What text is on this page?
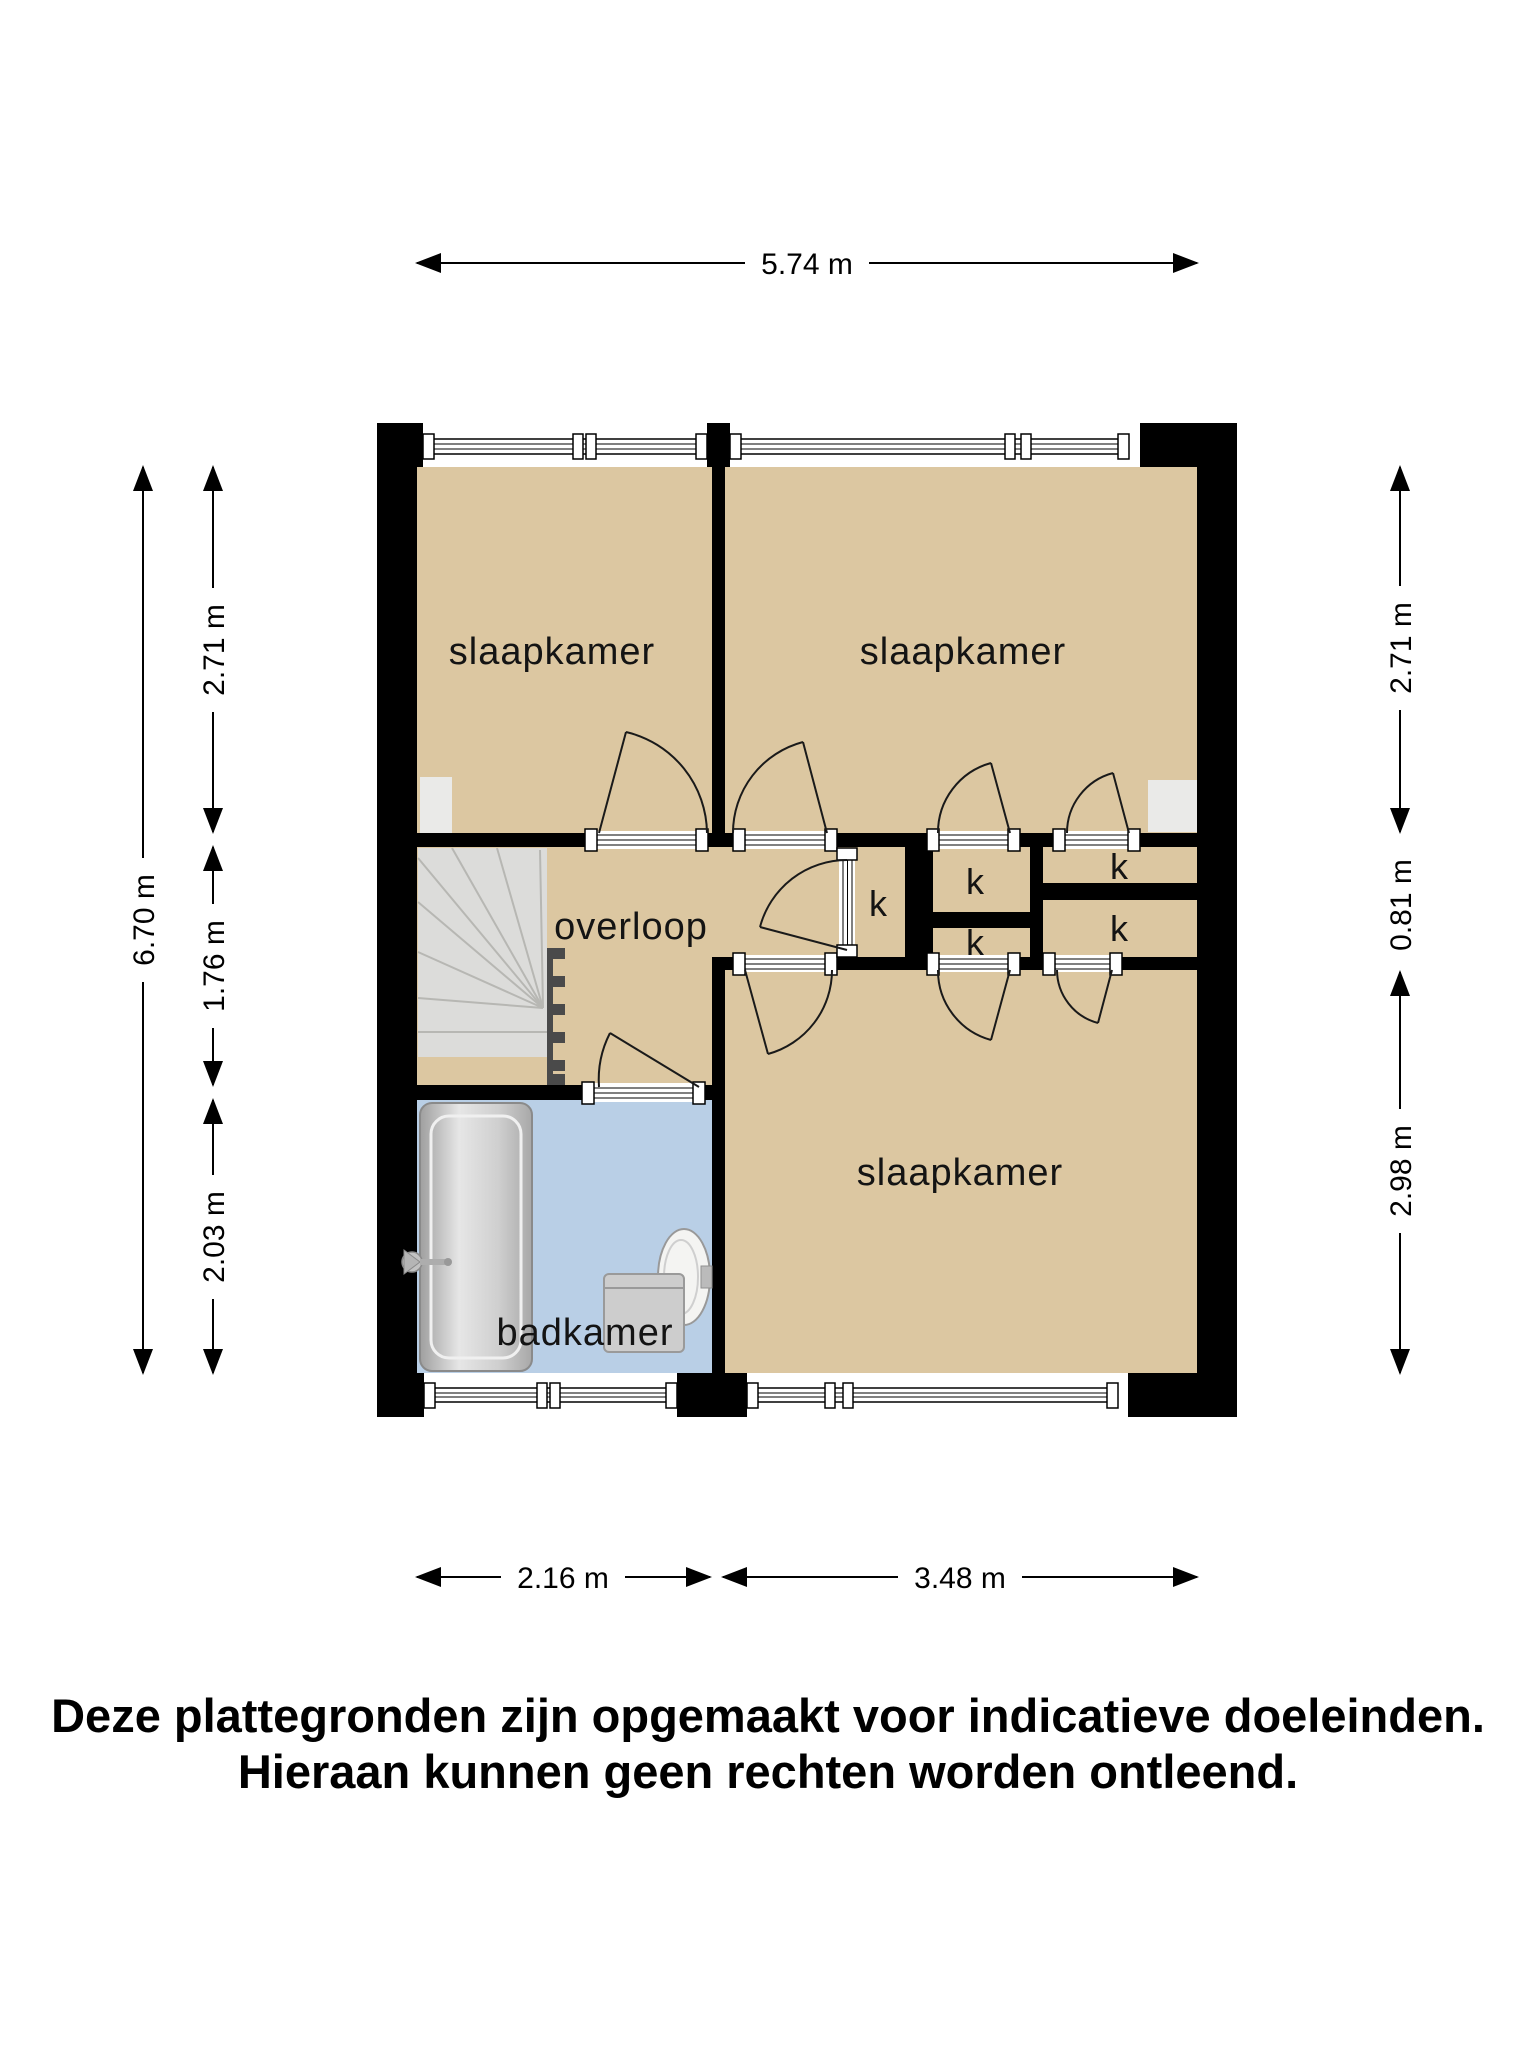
slaapkamer	slaapkamer
overloop
slaapkamer
badkamer
k
k
k
k
k
5.74 m
6.70 m
2.71 m
1.76 m
2.03 m
2.71 m
0.81 m
2.98 m
2.16 m	3.48 m
Deze plattegronden zijn opgemaakt voor indicatieve doeleinden.
Hieraan kunnen geen rechten worden ontleend.
